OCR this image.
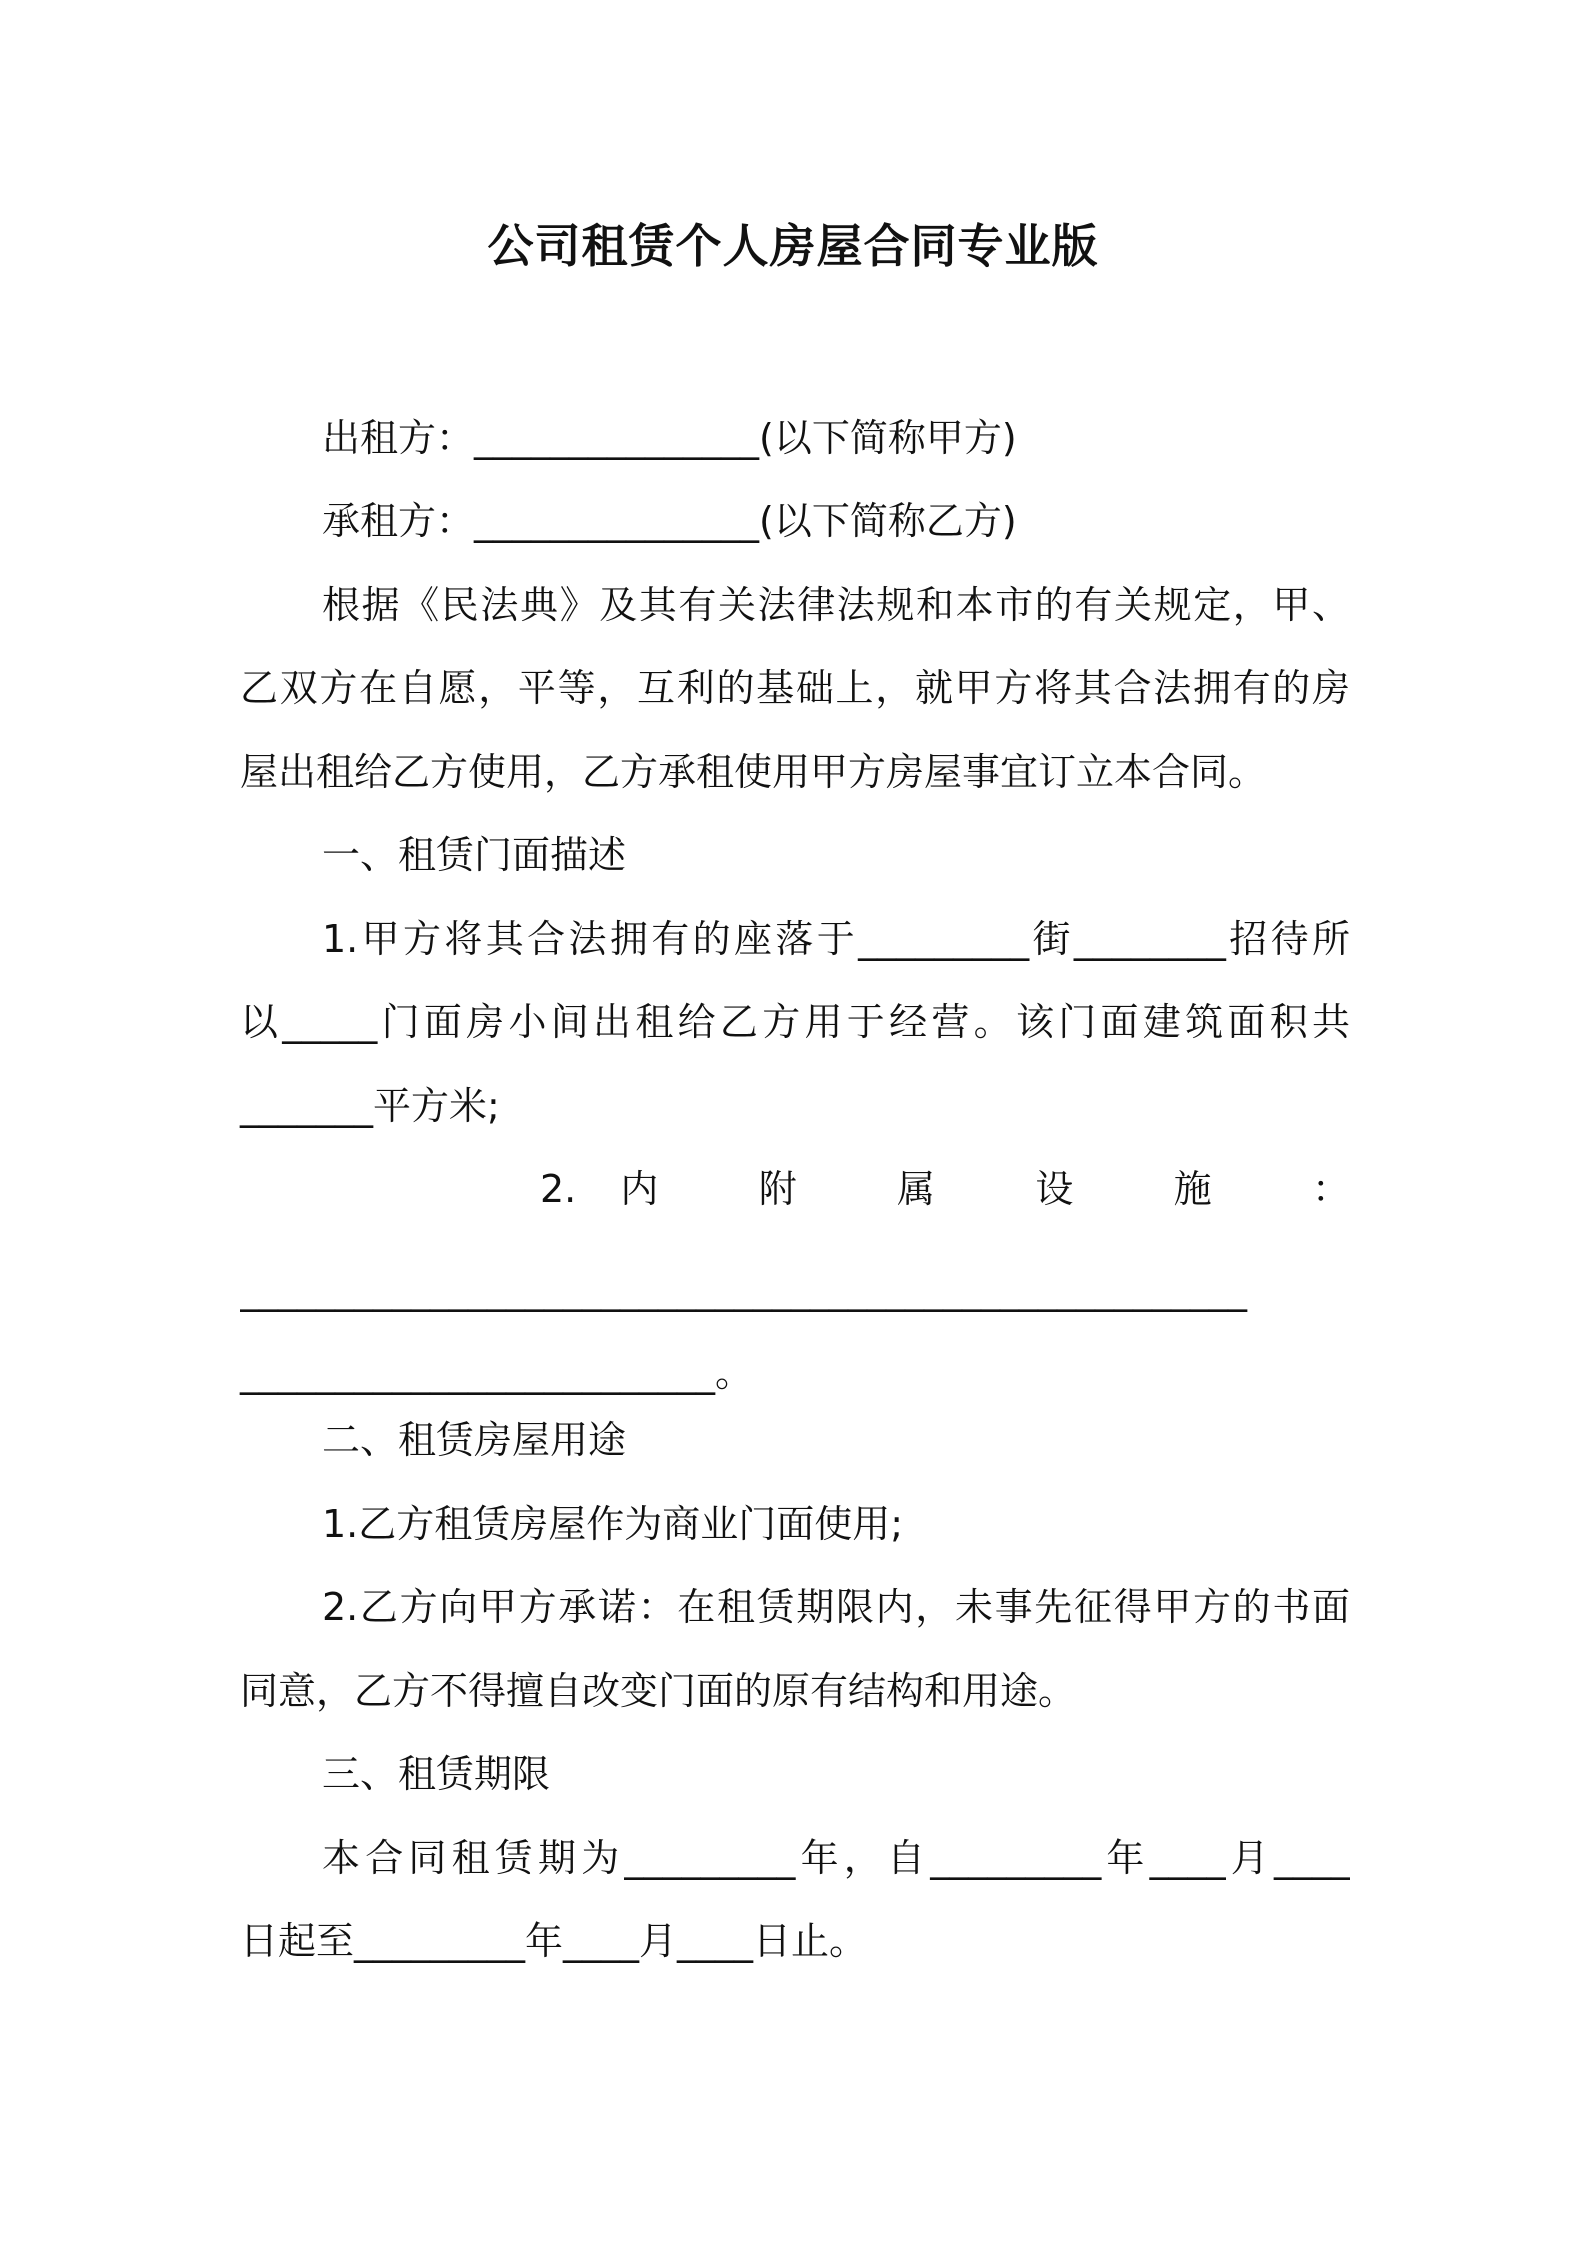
公司租赁个人房屋合同专业版
出租方：_______________(以下简称甲方)
承租方：_______________(以下简称乙方)
根据《民法典》及其有关法律法规和本市的有关规定，甲、
乙双方在自愿，平等，互利的基础上，就甲方将其合法拥有的房
屋出租给乙方使用，乙方承租使用甲方房屋事宜订立本合同。
一、租赁门面描述
1.甲方将其合法拥有的座落于_________街________招待所
以_____门面房小间出租给乙方用于经营。该门面建筑面积共
_______平方米;
2.内 附 属 设 施 ：
_____________________________________________________
_________________________。
二、租赁房屋用途
1.乙方租赁房屋作为商业门面使用;
2.乙方向甲方承诺：在租赁期限内，未事先征得甲方的书面
同意，乙方不得擅自改变门面的原有结构和用途。
三、租赁期限
本合同租赁期为_________年，自_________年____月____
日起至_________年____月____日止。
